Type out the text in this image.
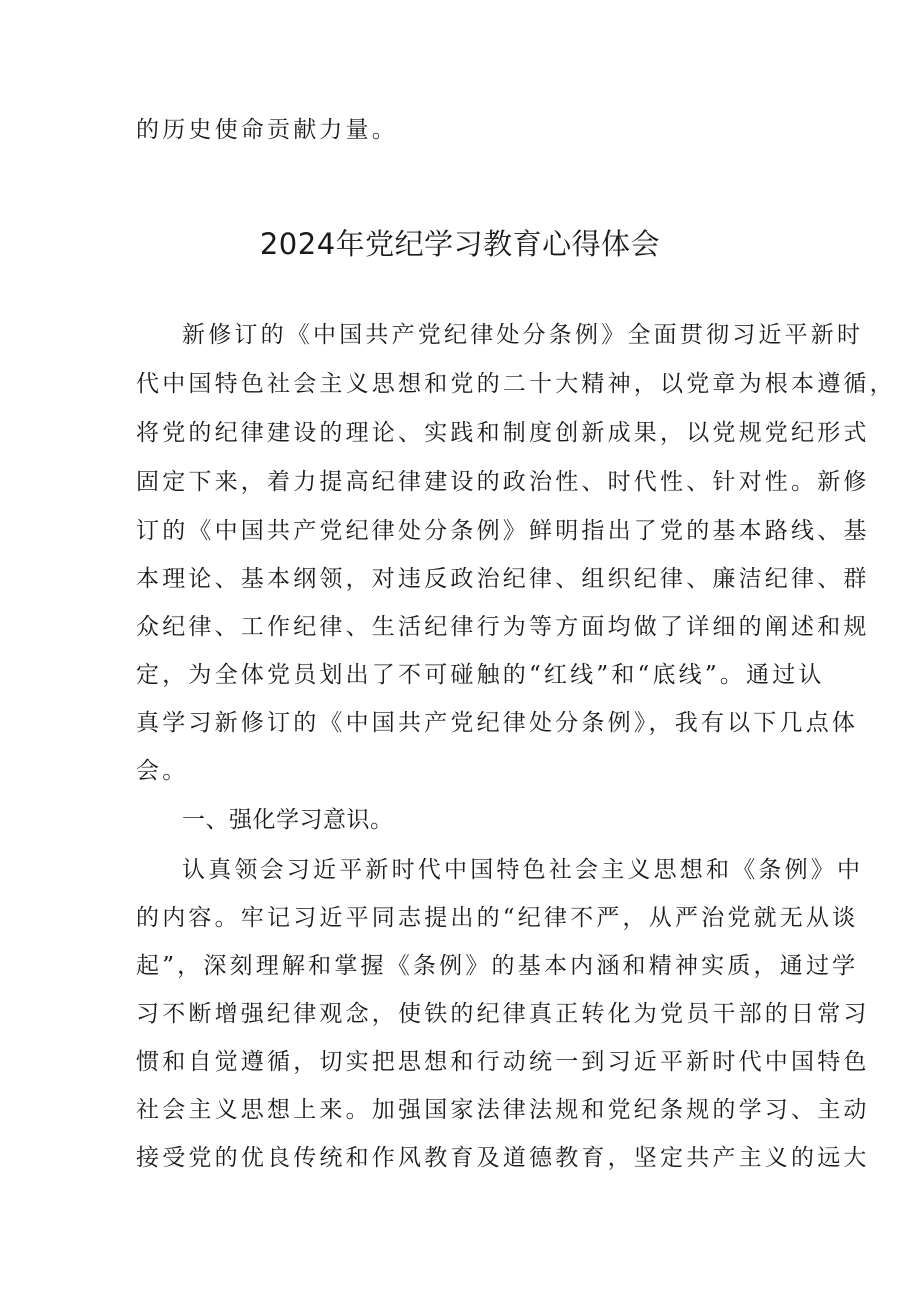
的历史使命贡献力量。
2024年党纪学习教育心得体会
新修订的《中国共产党纪律处分条例》全面贯彻习近平新时
代中国特色社会主义思想和党的二十大精神，以党章为根本遵循，
将党的纪律建设的理论、实践和制度创新成果，以党规党纪形式
固定下来，着力提高纪律建设的政治性、时代性、针对性。新修
订的《中国共产党纪律处分条例》鲜明指出了党的基本路线、基
本理论、基本纲领，对违反政治纪律、组织纪律、廉洁纪律、群
众纪律、工作纪律、生活纪律行为等方面均做了详细的阐述和规
定，为全体党员划出了不可碰触的“红线”和“底线”。通过认
真学习新修订的《中国共产党纪律处分条例》，我有以下几点体
会。
一、强化学习意识。
认真领会习近平新时代中国特色社会主义思想和《条例》中
的内容。牢记习近平同志提出的“纪律不严，从严治党就无从谈
起”，深刻理解和掌握《条例》的基本内涵和精神实质，通过学
习不断增强纪律观念，使铁的纪律真正转化为党员干部的日常习
惯和自觉遵循，切实把思想和行动统一到习近平新时代中国特色
社会主义思想上来。加强国家法律法规和党纪条规的学习、主动
接受党的优良传统和作风教育及道德教育，坚定共产主义的远大
